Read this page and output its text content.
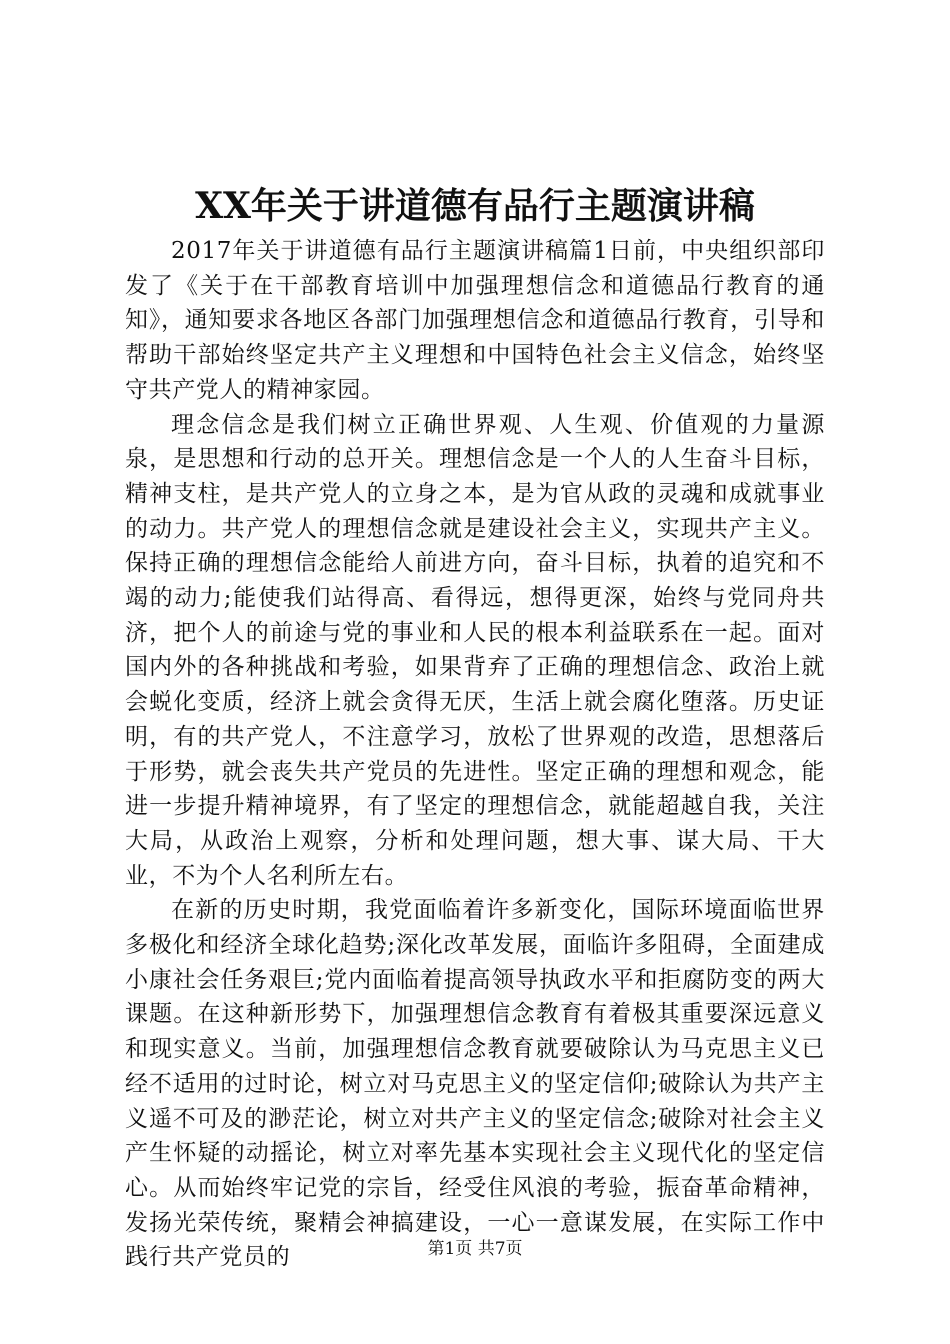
XX年关于讲道德有品行主题演讲稿

2017年关于讲道德有品行主题演讲稿篇1日前，中央组织部印发了《关于在干部教育培训中加强理想信念和道德品行教育的通知》，通知要求各地区各部门加强理想信念和道德品行教育，引导和帮助干部始终坚定共产主义理想和中国特色社会主义信念，始终坚守共产党人的精神家园。

理念信念是我们树立正确世界观、人生观、价值观的力量源泉，是思想和行动的总开关。理想信念是一个人的人生奋斗目标，精神支柱，是共产党人的立身之本，是为官从政的灵魂和成就事业的动力。共产党人的理想信念就是建设社会主义，实现共产主义。保持正确的理想信念能给人前进方向，奋斗目标，执着的追究和不竭的动力;能使我们站得高、看得远，想得更深，始终与党同舟共济，把个人的前途与党的事业和人民的根本利益联系在一起。面对国内外的各种挑战和考验，如果背弃了正确的理想信念、政治上就会蜕化变质，经济上就会贪得无厌，生活上就会腐化堕落。历史证明，有的共产党人，不注意学习，放松了世界观的改造，思想落后于形势，就会丧失共产党员的先进性。坚定正确的理想和观念，能进一步提升精神境界，有了坚定的理想信念，就能超越自我，关注大局，从政治上观察，分析和处理问题，想大事、谋大局、干大业，不为个人名利所左右。

在新的历史时期，我党面临着许多新变化，国际环境面临世界多极化和经济全球化趋势;深化改革发展，面临许多阻碍，全面建成小康社会任务艰巨;党内面临着提高领导执政水平和拒腐防变的两大课题。在这种新形势下，加强理想信念教育有着极其重要深远意义和现实意义。当前，加强理想信念教育就要破除认为马克思主义已经不适用的过时论，树立对马克思主义的坚定信仰;破除认为共产主义遥不可及的渺茫论，树立对共产主义的坚定信念;破除对社会主义产生怀疑的动摇论，树立对率先基本实现社会主义现代化的坚定信心。从而始终牢记党的宗旨，经受住风浪的考验，振奋革命精神，发扬光荣传统，聚精会神搞建设，一心一意谋发展，在实际工作中践行共产党员的	第1页 共7页
